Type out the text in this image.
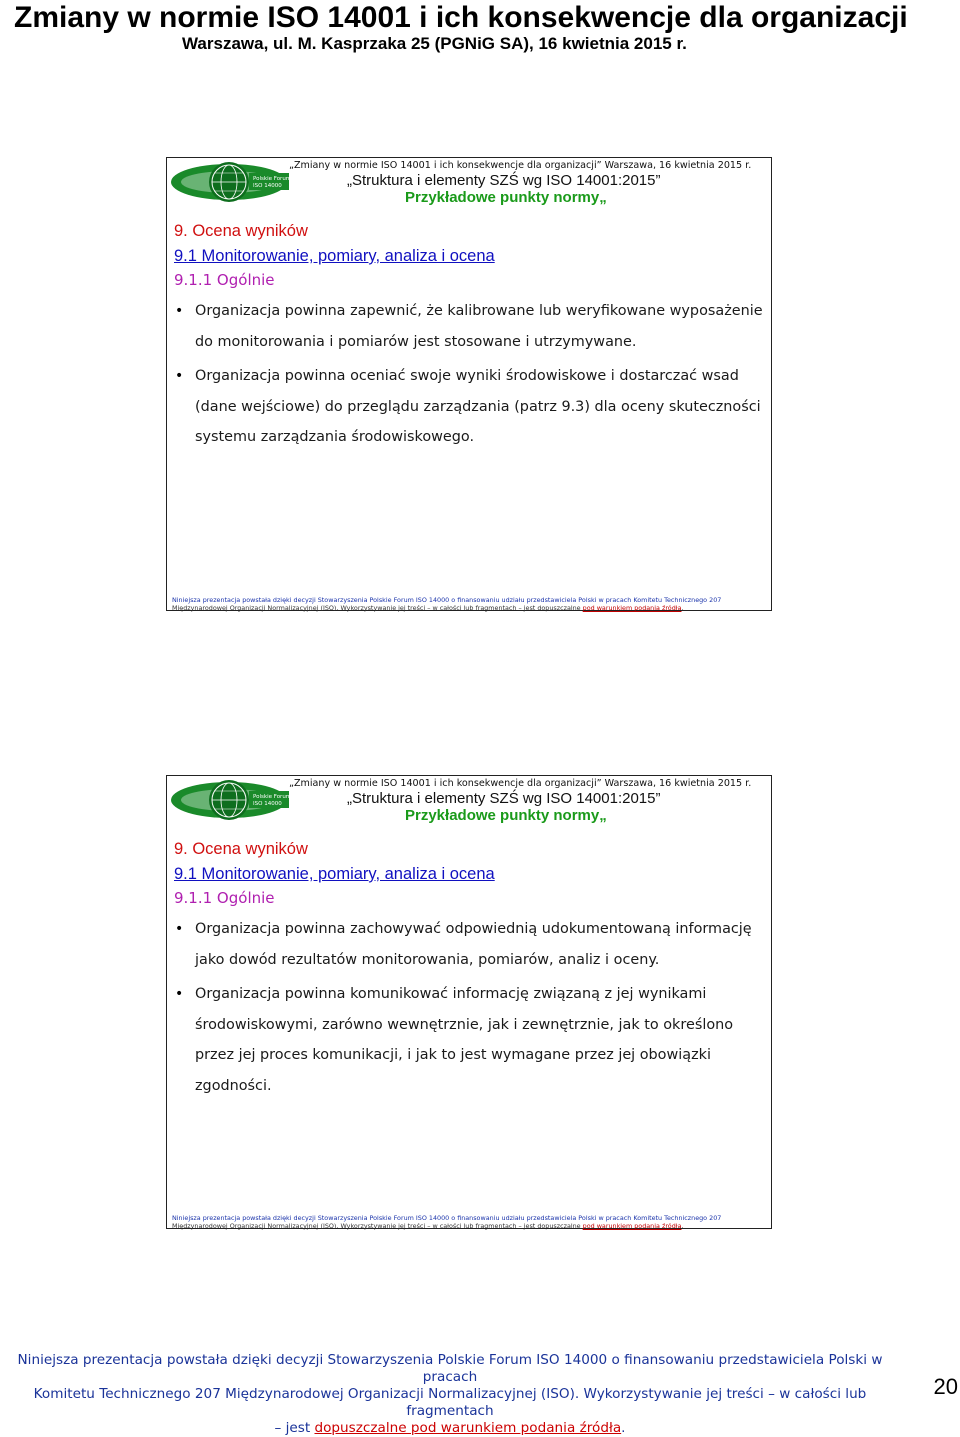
Zmiany w normie ISO 14001 i ich konsekwencje dla organizacji
Warszawa, ul. M. Kasprzaka 25 (PGNiG SA), 16 kwietnia 2015 r.
Polskie Forum
ISO 14000
„Zmiany w normie ISO 14001 i ich konsekwencje dla organizacji” Warszawa, 16 kwietnia 2015 r.
„Struktura i elementy SZŚ wg ISO 14001:2015”
Przykładowe punkty normy„
9. Ocena wyników
9.1 Monitorowanie, pomiary, analiza i ocena
9.1.1 Ogólnie
• Organizacja powinna zapewnić, że kalibrowane lub weryfikowane wyposażenie do monitorowania i pomiarów jest stosowane i utrzymywane.
• Organizacja powinna oceniać swoje wyniki środowiskowe i dostarczać wsad (dane wejściowe) do przeglądu zarządzania (patrz 9.3) dla oceny skuteczności systemu zarządzania środowiskowego.
Niniejsza prezentacja powstała dzięki decyzji Stowarzyszenia Polskie Forum ISO 14000 o finansowaniu udziału przedstawiciela Polski w pracach Komitetu Technicznego 207
Międzynarodowej Organizacji Normalizacyjnej (ISO). Wykorzystywanie jej treści – w całości lub fragmentach – jest dopuszczalne pod warunkiem podania źródła.
Polskie Forum
ISO 14000
„Zmiany w normie ISO 14001 i ich konsekwencje dla organizacji” Warszawa, 16 kwietnia 2015 r.
„Struktura i elementy SZŚ wg ISO 14001:2015”
Przykładowe punkty normy„
9. Ocena wyników
9.1 Monitorowanie, pomiary, analiza i ocena
9.1.1 Ogólnie
• Organizacja powinna zachowywać odpowiednią udokumentowaną informację jako dowód rezultatów monitorowania, pomiarów, analiz i oceny.
• Organizacja powinna komunikować informację związaną z jej wynikami środowiskowymi, zarówno wewnętrznie, jak i zewnętrznie, jak to określono przez jej proces komunikacji, i jak to jest wymagane przez jej obowiązki zgodności.
Niniejsza prezentacja powstała dzięki decyzji Stowarzyszenia Polskie Forum ISO 14000 o finansowaniu udziału przedstawiciela Polski w pracach Komitetu Technicznego 207
Międzynarodowej Organizacji Normalizacyjnej (ISO). Wykorzystywanie jej treści – w całości lub fragmentach – jest dopuszczalne pod warunkiem podania źródła.
Niniejsza prezentacja powstała dzięki decyzji Stowarzyszenia Polskie Forum ISO 14000 o finansowaniu przedstawiciela Polski w pracach
Komitetu Technicznego 207 Międzynarodowej Organizacji Normalizacyjnej (ISO). Wykorzystywanie jej treści – w całości lub fragmentach
– jest dopuszczalne pod warunkiem podania źródła.
20
